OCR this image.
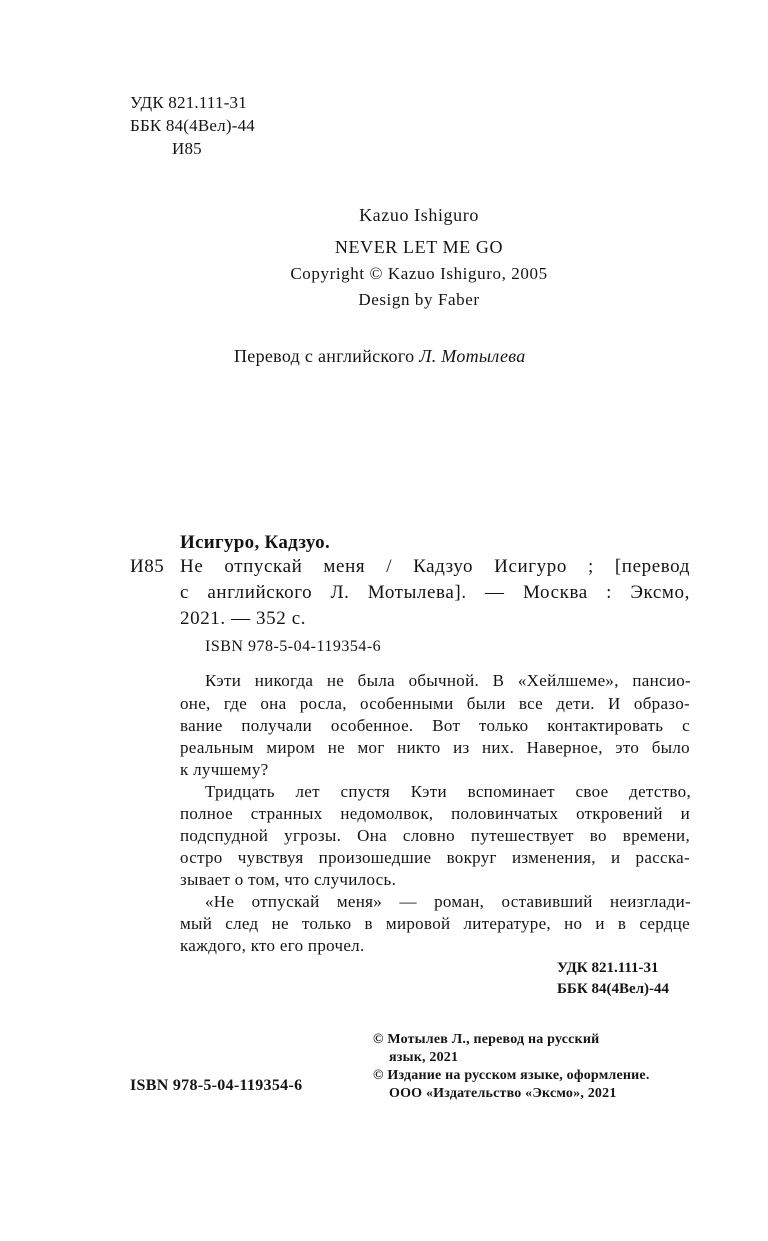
УДК 821.111-31
ББК 84(4Вел)-44
И85
Kazuo Ishiguro
NEVER LET ME GO
Copyright © Kazuo Ishiguro, 2005
Design by Faber
Перевод с английского Л. Мотылева
Исигуро, Кадзуо.
И85 Не отпускай меня / Кадзуо Исигуро ; [перевод
с английского Л. Мотылева]. — Москва : Эксмо,
2021. — 352 с.
ISBN 978-5-04-119354-6
Кэти никогда не была обычной. В «Хейлшеме», пансио-
оне, где она росла, особенными были все дети. И образо-
вание получали особенное. Вот только контактировать с
реальным миром не мог никто из них. Наверное, это было
к лучшему?
Тридцать лет спустя Кэти вспоминает свое детство,
полное странных недомолвок, половинчатых откровений и
подспудной угрозы. Она словно путешествует во времени,
остро чувствуя произошедшие вокруг изменения, и расска-
зывает о том, что случилось.
«Не отпускай меня» — роман, оставивший неизглади-
мый след не только в мировой литературе, но и в сердце
каждого, кто его прочел.
УДК 821.111-31
ББК 84(4Вел)-44
© Мотылев Л., перевод на русский
язык, 2021
© Издание на русском языке, оформление.
ООО «Издательство «Эксмо», 2021
ISBN 978-5-04-119354-6
